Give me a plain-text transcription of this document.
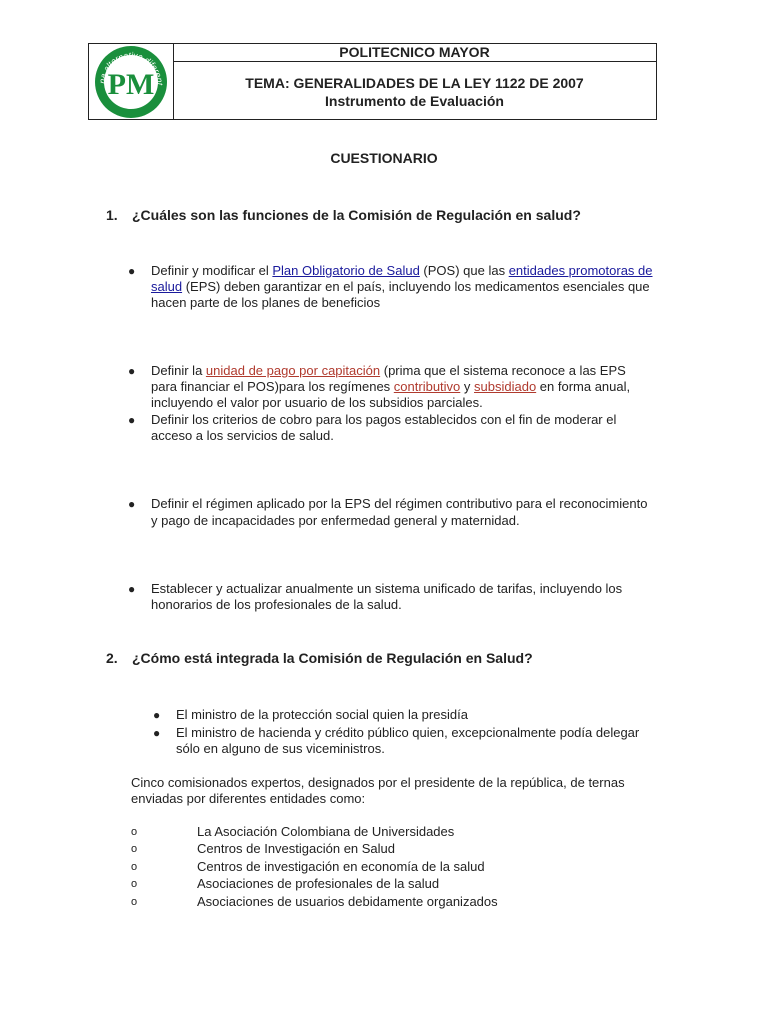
na alternativa diferent
PM
POLITECNICO MAYOR
TEMA: GENERALIDADES DE LA LEY 1122 DE 2007
Instrumento de Evaluación
CUESTIONARIO
1. ¿Cuáles son las funciones de la Comisión de Regulación en salud?
● Definir y modificar el Plan Obligatorio de Salud (POS) que las entidades promotoras de
salud (EPS) deben garantizar en el país, incluyendo los medicamentos esenciales que
hacen parte de los planes de beneficios
● Definir la unidad de pago por capitación (prima que el sistema reconoce a las EPS
para financiar el POS)para los regímenes contributivo y subsidiado en forma anual,
incluyendo el valor por usuario de los subsidios parciales.
● Definir los criterios de cobro para los pagos establecidos con el fin de moderar el
acceso a los servicios de salud.
● Definir el régimen aplicado por la EPS del régimen contributivo para el reconocimiento
y pago de incapacidades por enfermedad general y maternidad.
● Establecer y actualizar anualmente un sistema unificado de tarifas, incluyendo los
honorarios de los profesionales de la salud.
2. ¿Cómo está integrada la Comisión de Regulación en Salud?
● El ministro de la protección social quien la presidía
● El ministro de hacienda y crédito público quien, excepcionalmente podía delegar
sólo en alguno de sus viceministros.
Cinco comisionados expertos, designados por el presidente de la república, de ternas
enviadas por diferentes entidades como:
o	La Asociación Colombiana de Universidades
o	Centros de Investigación en Salud
o	Centros de investigación en economía de la salud
o	Asociaciones de profesionales de la salud
o	Asociaciones de usuarios debidamente organizados
